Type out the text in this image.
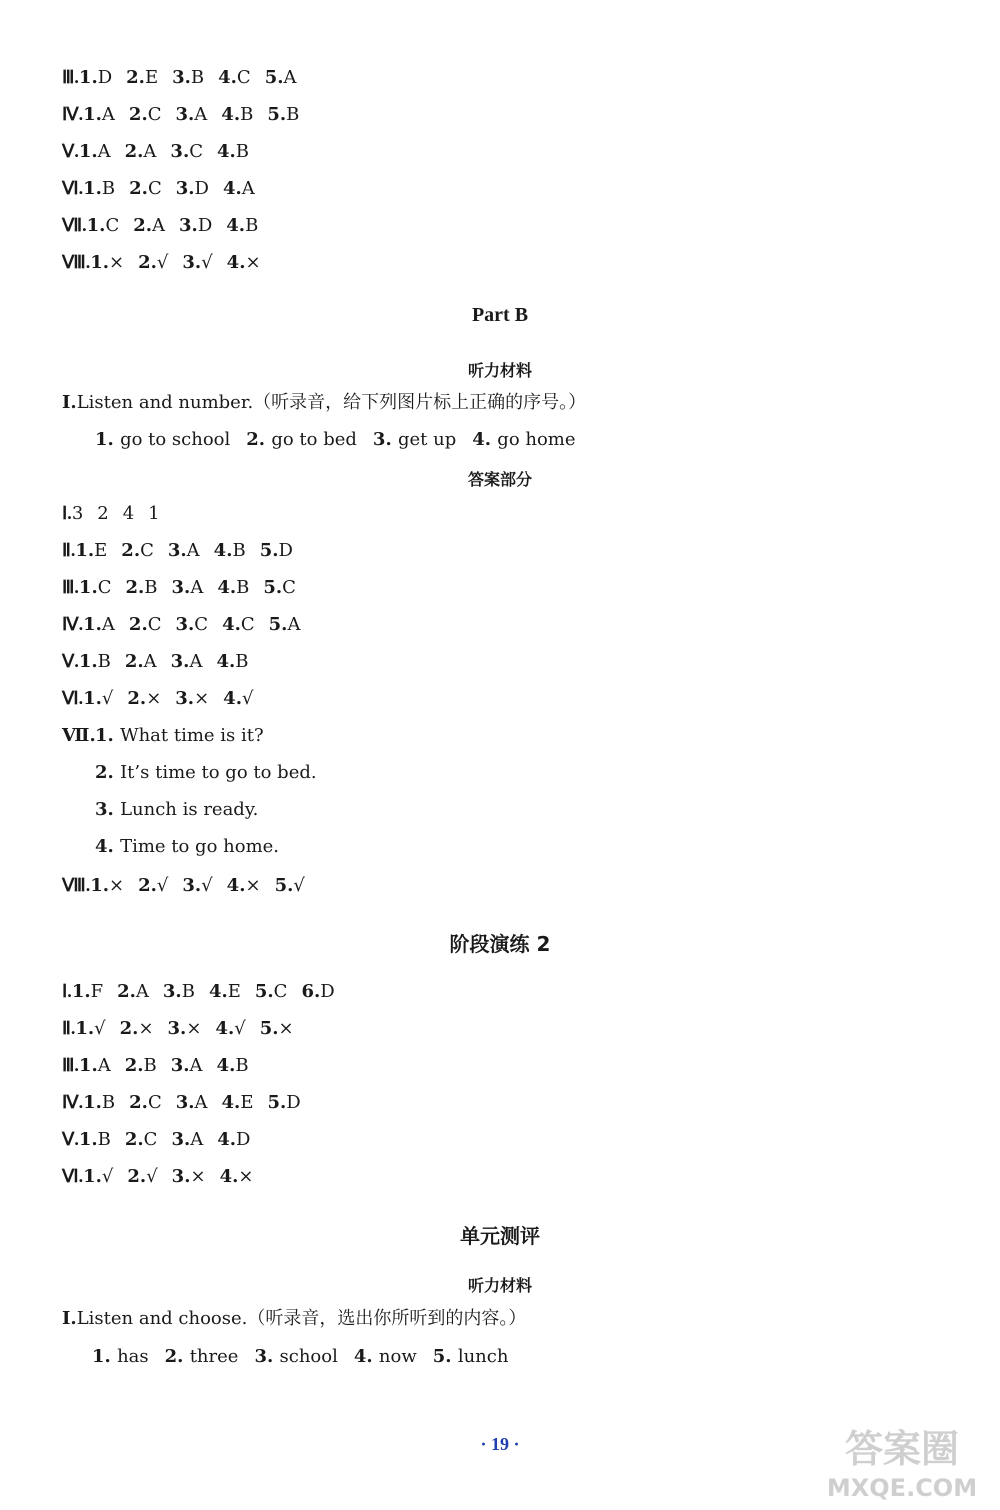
Ⅲ.1.D 2.E 3.B 4.C 5.A
Ⅳ.1.A 2.C 3.A 4.B 5.B
Ⅴ.1.A 2.A 3.C 4.B
Ⅵ.1.B 2.C 3.D 4.A
Ⅶ.1.C 2.A 3.D 4.B
Ⅷ.1.× 2.√ 3.√ 4.×
Part B
听力材料
Ⅰ.Listen and number.（听录音，给下列图片标上正确的序号。）
1. go to school 2. go to bed 3. get up 4. go home
答案部分
Ⅰ.3 2 4 1
Ⅱ.1.E 2.C 3.A 4.B 5.D
Ⅲ.1.C 2.B 3.A 4.B 5.C
Ⅳ.1.A 2.C 3.C 4.C 5.A
Ⅴ.1.B 2.A 3.A 4.B
Ⅵ.1.√ 2.× 3.× 4.√
Ⅶ. 1. What time is it?
2. It’s time to go to bed.
3. Lunch is ready.
4. Time to go home.
Ⅷ.1.× 2.√ 3.√ 4.× 5.√
阶段演练 2
Ⅰ.1.F 2.A 3.B 4.E 5.C 6.D
Ⅱ.1.√ 2.× 3.× 4.√ 5.×
Ⅲ.1.A 2.B 3.A 4.B
Ⅳ.1.B 2.C 3.A 4.E 5.D
Ⅴ.1.B 2.C 3.A 4.D
Ⅵ.1.√ 2.√ 3.× 4.×
单元测评
听力材料
Ⅰ.Listen and choose.（听录音，选出你所听到的内容。）
1. has 2. three 3. school 4. now 5. lunch
· 19 ·	答案圈
MXQE.COM
